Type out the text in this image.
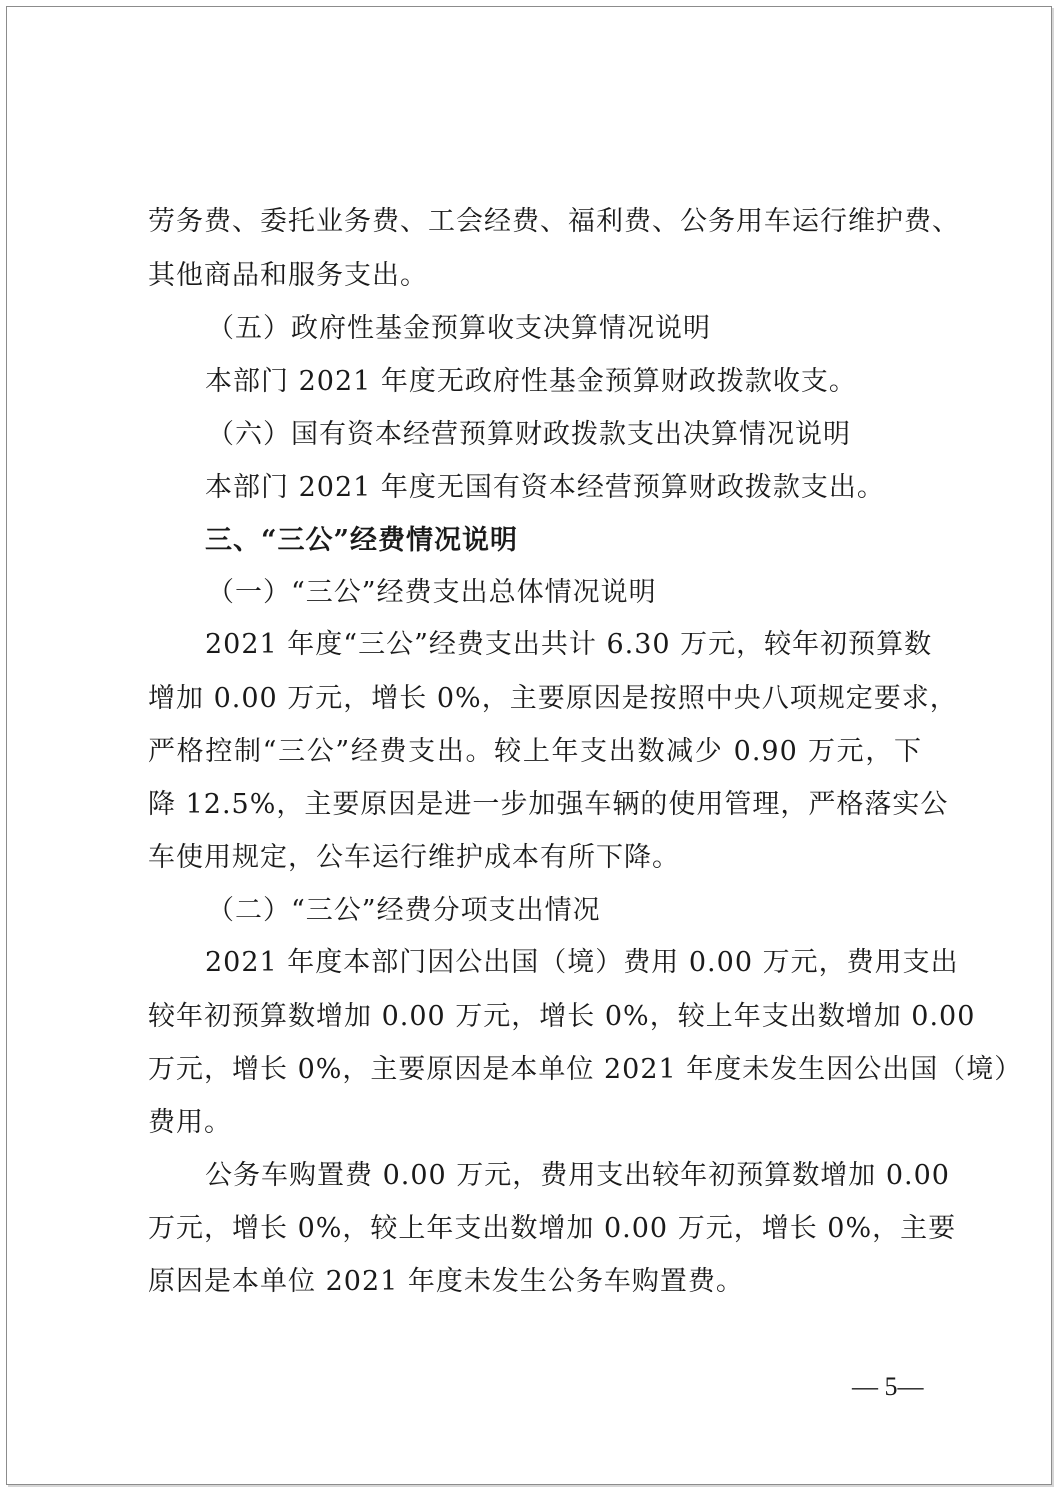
劳务费、委托业务费、工会经费、福利费、公务用车运行维护费、
其他商品和服务支出。
（五）政府性基金预算收支决算情况说明
本部门 2021 年度无政府性基金预算财政拨款收支。
（六）国有资本经营预算财政拨款支出决算情况说明
本部门 2021 年度无国有资本经营预算财政拨款支出。
三、“三公”经费情况说明
（一）“三公”经费支出总体情况说明
2021 年度“三公”经费支出共计 6.30 万元，较年初预算数
增加 0.00 万元，增长 0%，主要原因是按照中央八项规定要求，
严格控制“三公”经费支出。较上年支出数减少 0.90 万元，下
降 12.5%，主要原因是进一步加强车辆的使用管理，严格落实公
车使用规定，公车运行维护成本有所下降。
（二）“三公”经费分项支出情况
2021 年度本部门因公出国（境）费用 0.00 万元，费用支出
较年初预算数增加 0.00 万元，增长 0%，较上年支出数增加 0.00
万元，增长 0%，主要原因是本单位 2021 年度未发生因公出国（境）
费用。
公务车购置费 0.00 万元，费用支出较年初预算数增加 0.00
万元，增长 0%，较上年支出数增加 0.00 万元，增长 0%，主要
原因是本单位 2021 年度未发生公务车购置费。
— 5—
